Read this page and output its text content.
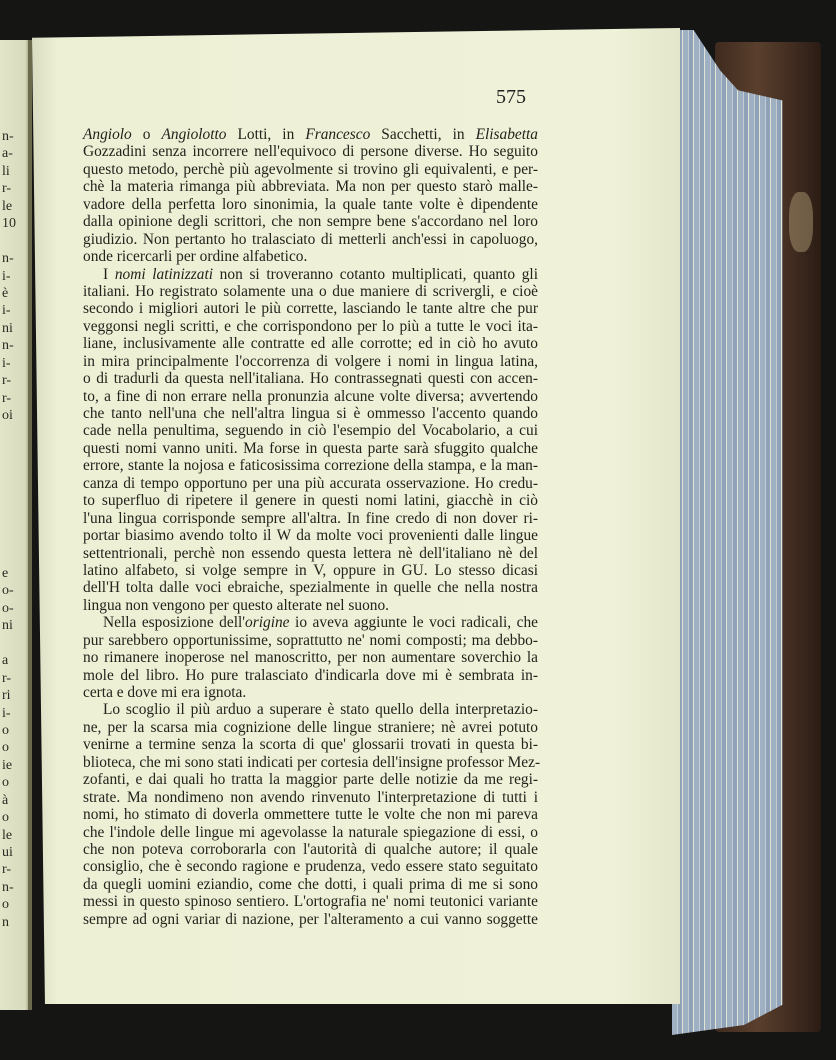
n-
a-
li
r-
le
10
n-
i-
è
i-
ni
n-
i-
r-
r-
oi
e
o-
o-
ni
a
r-
ri
i-
o
o
ie
o
à
o
le
ui
r-
n-
o
n
575
Angiolo o Angiolotto Lotti, in Francesco Sacchetti, in Elisabetta
Gozzadini senza incorrere nell'equivoco di persone diverse. Ho seguito
questo metodo, perchè più agevolmente si trovino gli equivalenti, e per-
chè la materia rimanga più abbreviata. Ma non per questo starò malle-
vadore della perfetta loro sinonimia, la quale tante volte è dipendente
dalla opinione degli scrittori, che non sempre bene s'accordano nel loro
giudizio. Non pertanto ho tralasciato di metterli anch'essi in capoluogo,
onde ricercarli per ordine alfabetico.
I nomi latinizzati non si troveranno cotanto multiplicati, quanto gli
italiani. Ho registrato solamente una o due maniere di scrivergli, e cioè
secondo i migliori autori le più corrette, lasciando le tante altre che pur
veggonsi negli scritti, e che corrispondono per lo più a tutte le voci ita-
liane, inclusivamente alle contratte ed alle corrotte; ed in ciò ho avuto
in mira principalmente l'occorrenza di volgere i nomi in lingua latina,
o di tradurli da questa nell'italiana. Ho contrassegnati questi con accen-
to, a fine di non errare nella pronunzia alcune volte diversa; avvertendo
che tanto nell'una che nell'altra lingua si è ommesso l'accento quando
cade nella penultima, seguendo in ciò l'esempio del Vocabolario, a cui
questi nomi vanno uniti. Ma forse in questa parte sarà sfuggito qualche
errore, stante la nojosa e faticosissima correzione della stampa, e la man-
canza di tempo opportuno per una più accurata osservazione. Ho credu-
to superfluo di ripetere il genere in questi nomi latini, giacchè in ciò
l'una lingua corrisponde sempre all'altra. In fine credo di non dover ri-
portar biasimo avendo tolto il W da molte voci provenienti dalle lingue
settentrionali, perchè non essendo questa lettera nè dell'italiano nè del
latino alfabeto, si volge sempre in V, oppure in GU. Lo stesso dicasi
dell'H tolta dalle voci ebraiche, spezialmente in quelle che nella nostra
lingua non vengono per questo alterate nel suono.
Nella esposizione dell'origine io aveva aggiunte le voci radicali, che
pur sarebbero opportunissime, soprattutto ne' nomi composti; ma debbo-
no rimanere inoperose nel manoscritto, per non aumentare soverchio la
mole del libro. Ho pure tralasciato d'indicarla dove mi è sembrata in-
certa e dove mi era ignota.
Lo scoglio il più arduo a superare è stato quello della interpretazio-
ne, per la scarsa mia cognizione delle lingue straniere; nè avrei potuto
venirne a termine senza la scorta di que' glossarii trovati in questa bi-
blioteca, che mi sono stati indicati per cortesia dell'insigne professor Mez-
zofanti, e dai quali ho tratta la maggior parte delle notizie da me regi-
strate. Ma nondimeno non avendo rinvenuto l'interpretazione di tutti i
nomi, ho stimato di doverla ommettere tutte le volte che non mi pareva
che l'indole delle lingue mi agevolasse la naturale spiegazione di essi, o
che non poteva corroborarla con l'autorità di qualche autore; il quale
consiglio, che è secondo ragione e prudenza, vedo essere stato seguitato
da quegli uomini eziandio, come che dotti, i quali prima di me si sono
messi in questo spinoso sentiero. L'ortografia ne' nomi teutonici variante
sempre ad ogni variar di nazione, per l'alteramento a cui vanno soggette
